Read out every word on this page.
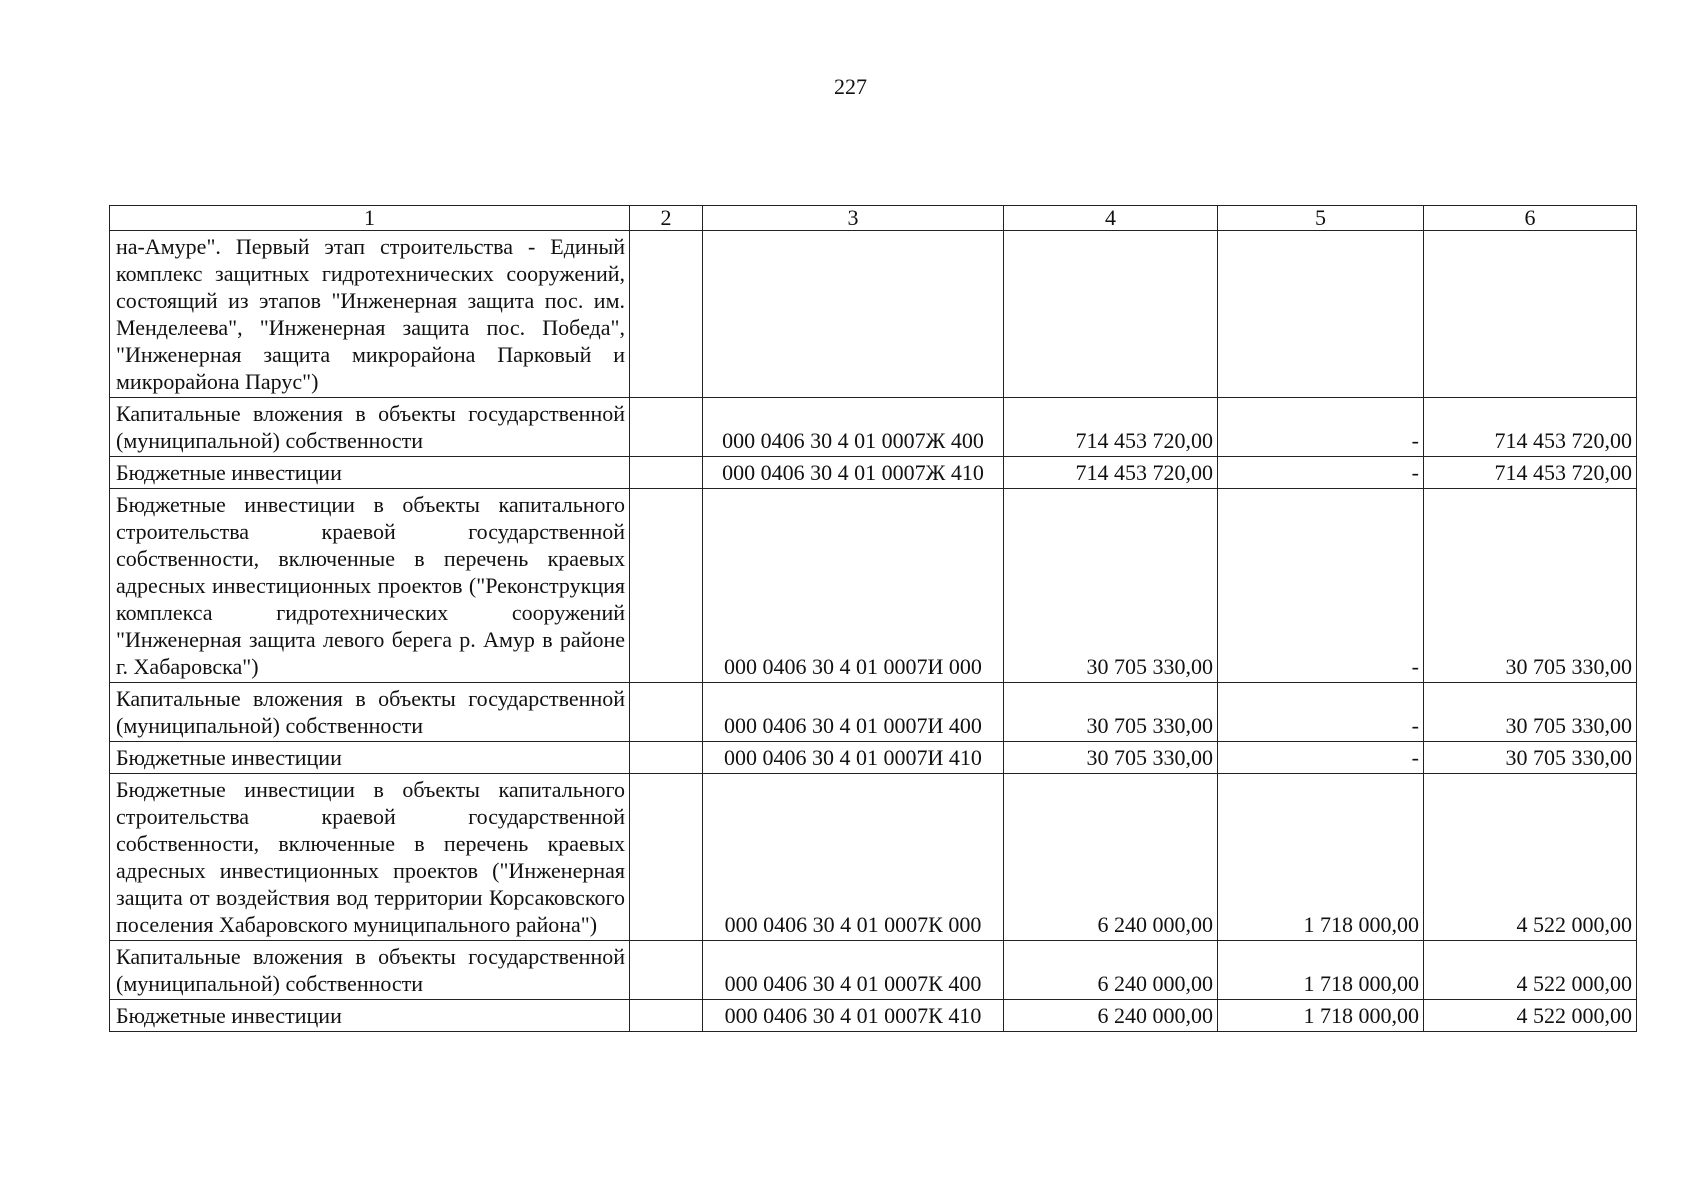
227
1	2	3	4	5	6
на-Амуре". Первый этап строительства - Единый комплекс защитных гидротехнических сооружений, состоящий из этапов "Инженерная защита пос. им. Менделеева", "Инженерная защита пос. Победа", "Инженерная защита микрорайона Парковый и микрорайона Парус")					
Капитальные вложения в объекты государственной (муниципальной) собственности		000 0406 30 4 01 0007Ж 400	714 453 720,00	-	714 453 720,00
Бюджетные инвестиции		000 0406 30 4 01 0007Ж 410	714 453 720,00	-	714 453 720,00
Бюджетные инвестиции в объекты капитального строительства краевой государственной собственности, включенные в перечень краевых адресных инвестиционных проектов ("Реконструкция комплекса гидротехнических сооружений "Инженерная защита левого берега р. Амур в районе г. Хабаровска")		000 0406 30 4 01 0007И 000	30 705 330,00	-	30 705 330,00
Капитальные вложения в объекты государственной (муниципальной) собственности		000 0406 30 4 01 0007И 400	30 705 330,00	-	30 705 330,00
Бюджетные инвестиции		000 0406 30 4 01 0007И 410	30 705 330,00	-	30 705 330,00
Бюджетные инвестиции в объекты капитального строительства краевой государственной собственности, включенные в перечень краевых адресных инвестиционных проектов ("Инженерная защита от воздействия вод территории Корсаковского поселения Хабаровского муниципального района")		000 0406 30 4 01 0007К 000	6 240 000,00	1 718 000,00	4 522 000,00
Капитальные вложения в объекты государственной (муниципальной) собственности		000 0406 30 4 01 0007К 400	6 240 000,00	1 718 000,00	4 522 000,00
Бюджетные инвестиции		000 0406 30 4 01 0007К 410	6 240 000,00	1 718 000,00	4 522 000,00
